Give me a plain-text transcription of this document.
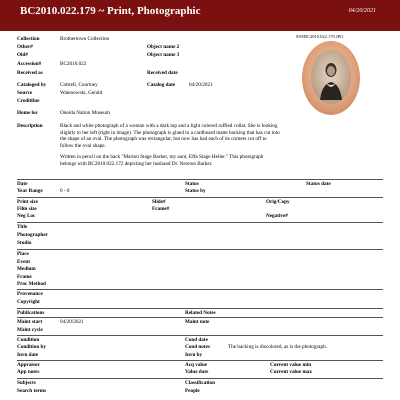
BC2010.022.179 ~ Print, Photographic	04/20/2021
039\BC2010.022.179.JPG
Collection	Brothertown Collection
Other#	Object name 2
Old#	Object name 3
Accession#	BC2010.022
Received as	Received date
Cataloged by	Cottrell, Courtney	Catalog date	04/20/2021
Source	Walenowski, Gerald
Creditline
Home loc	Oneida Nation Museum
Description	Black and white photograph of a woman with a dark top and a light colored ruffled collar. She is looking slightly to her left (right in image). The photograph is glued to a cardboard matte backing that has cut into the shape of an oval. The photograph was rectangular, but now has had each of its corners cut off to follow the oval shape.
Written in pencil on the back "Marion Stage Barker, my aunt, Effa Stage Heller." This photograph belongs with BC2010.022.172 depicting her husband Dr. Newton Barker.
Date	Status	Status date
Year Range	0 - 0	Status by
Print size	Slide#	Orig/Copy
Film size	Frame#
Neg Loc	Negative#
Title
Photographer
Studio
Place
Event
Medium
Frame
Proc Method
Provenance
Copyright
Publications	Related Notes
Maint start	04/20/2021	Maint note
Maint cycle
Condition	Cond date
Condition by	Cond notes	The backing is discolored, as is the photograph.
Invn date	Invn by
Appraisor	Acq value	Current value min
App notes	Value date	Current value max
Subjects	Classification
Search terms	People
